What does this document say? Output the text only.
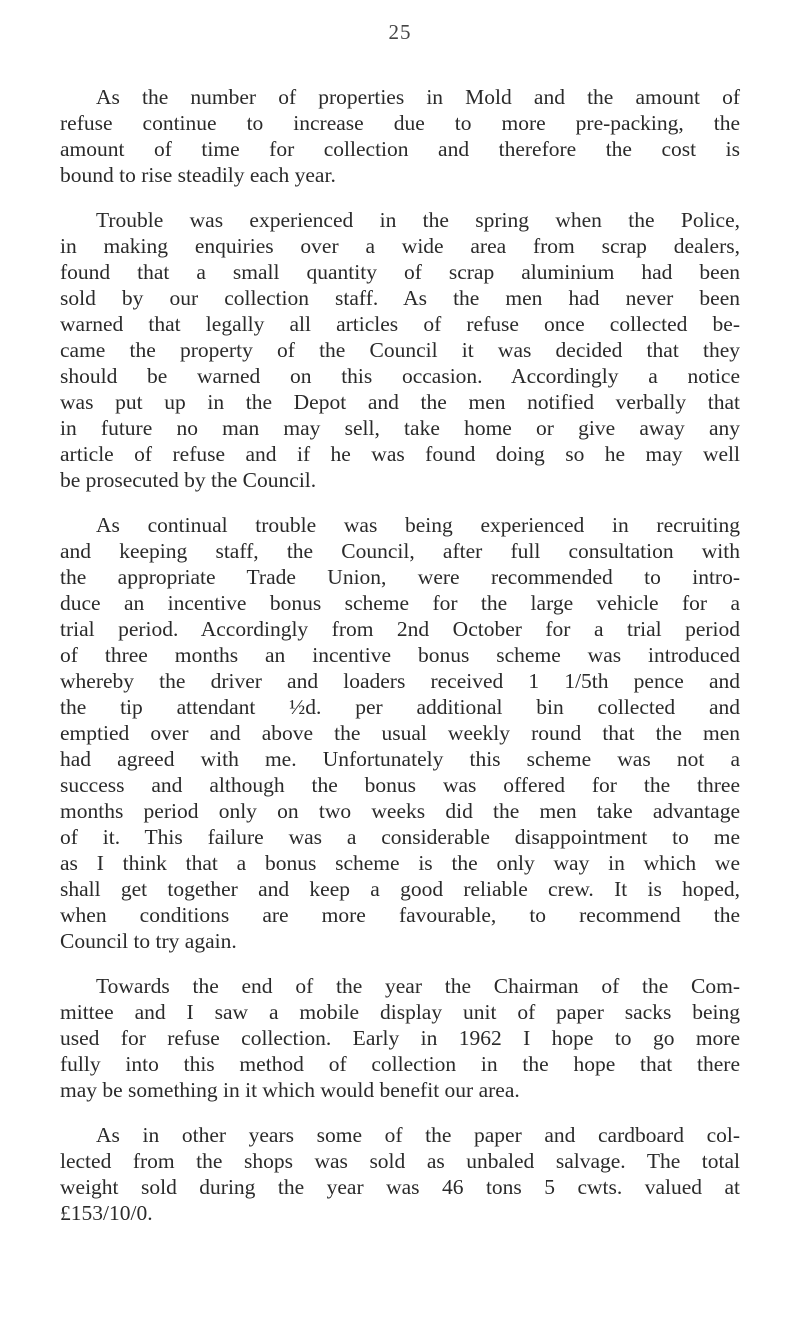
25

As the number of properties in Mold and the amount of
refuse continue to increase due to more pre-packing, the
amount of time for collection and therefore the cost is
bound to rise steadily each year.

Trouble was experienced in the spring when the Police,
in making enquiries over a wide area from scrap dealers,
found that a small quantity of scrap aluminium had been
sold by our collection staff. As the men had never been
warned that legally all articles of refuse once collected be-
came the property of the Council it was decided that they
should be warned on this occasion. Accordingly a notice
was put up in the Depot and the men notified verbally that
in future no man may sell, take home or give away any
article of refuse and if he was found doing so he may well
be prosecuted by the Council.

As continual trouble was being experienced in recruiting
and keeping staff, the Council, after full consultation with
the appropriate Trade Union, were recommended to intro-
duce an incentive bonus scheme for the large vehicle for a
trial period. Accordingly from 2nd October for a trial period
of three months an incentive bonus scheme was introduced
whereby the driver and loaders received 1 1/5th pence and
the tip attendant ½d. per additional bin collected and
emptied over and above the usual weekly round that the men
had agreed with me. Unfortunately this scheme was not a
success and although the bonus was offered for the three
months period only on two weeks did the men take advantage
of it. This failure was a considerable disappointment to me
as I think that a bonus scheme is the only way in which we
shall get together and keep a good reliable crew. It is hoped,
when conditions are more favourable, to recommend the
Council to try again.

Towards the end of the year the Chairman of the Com-
mittee and I saw a mobile display unit of paper sacks being
used for refuse collection. Early in 1962 I hope to go more
fully into this method of collection in the hope that there
may be something in it which would benefit our area.

As in other years some of the paper and cardboard col-
lected from the shops was sold as unbaled salvage. The total
weight sold during the year was 46 tons 5 cwts. valued at
£153/10/0.
